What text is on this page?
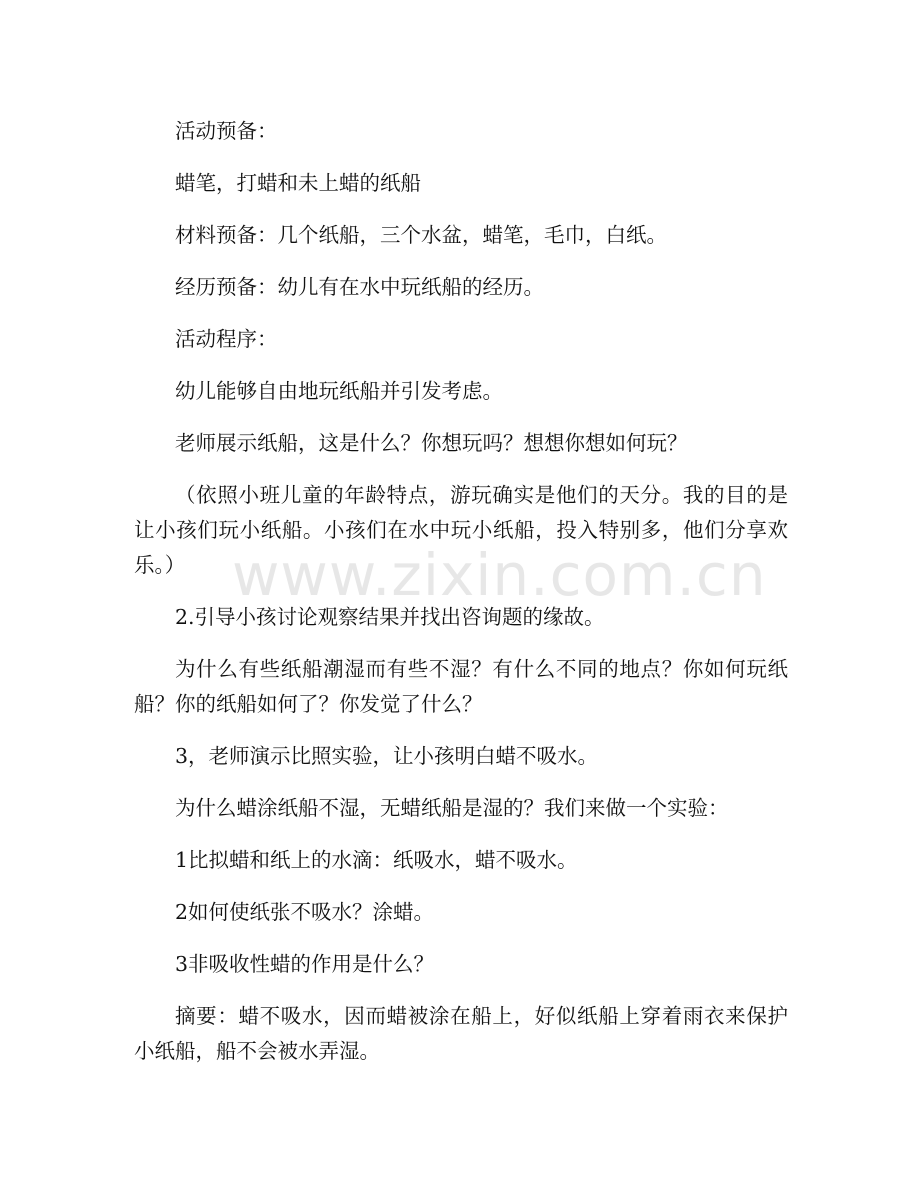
活动预备：

蜡笔，打蜡和未上蜡的纸船

材料预备：几个纸船，三个水盆，蜡笔，毛巾，白纸。

经历预备：幼儿有在水中玩纸船的经历。

活动程序：

幼儿能够自由地玩纸船并引发考虑。

老师展示纸船，这是什么？你想玩吗？想想你想如何玩？

（依照小班儿童的年龄特点，游玩确实是他们的天分。我的目的是让小孩们玩小纸船。小孩们在水中玩小纸船，投入特别多，他们分享欢乐。）

2.引导小孩讨论观察结果并找出咨询题的缘故。

为什么有些纸船潮湿而有些不湿？有什么不同的地点？你如何玩纸船？你的纸船如何了？你发觉了什么？

3，老师演示比照实验，让小孩明白蜡不吸水。

为什么蜡涂纸船不湿，无蜡纸船是湿的？我们来做一个实验：

1比拟蜡和纸上的水滴：纸吸水，蜡不吸水。

2如何使纸张不吸水？涂蜡。

3非吸收性蜡的作用是什么？

摘要：蜡不吸水，因而蜡被涂在船上，好似纸船上穿着雨衣来保护小纸船，船不会被水弄湿。

www.zixin.com.cn
